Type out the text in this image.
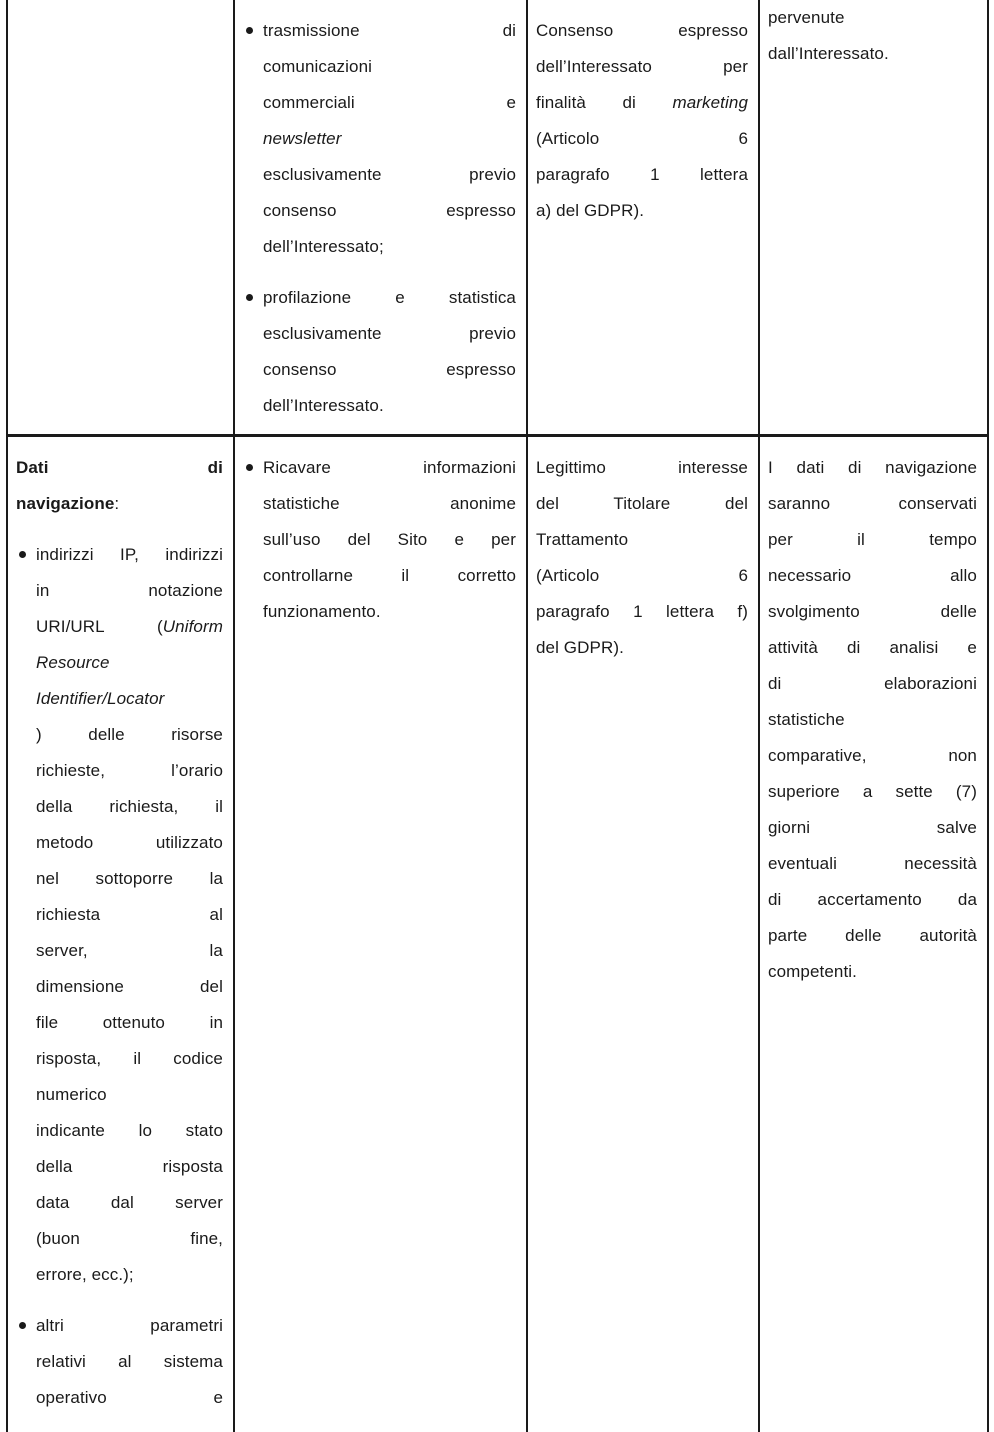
trasmissione di
comunicazioni
commerciali e
newsletter
esclusivamente previo
consenso espresso
dell’Interessato;
profilazione e statistica
esclusivamente previo
consenso espresso
dell’Interessato.
Consenso espresso
dell’Interessato per
finalità di marketing
(Articolo 6
paragrafo 1 lettera
a) del GDPR).
pervenute
dall’Interessato.
Dati di
navigazione:
indirizzi IP, indirizzi
in notazione
URI/URL (Uniform
Resource
Identifier/Locator
) delle risorse
richieste, l’orario
della richiesta, il
metodo utilizzato
nel sottoporre la
richiesta al
server, la
dimensione del
file ottenuto in
risposta, il codice
numerico
indicante lo stato
della risposta
data dal server
(buon fine,
errore, ecc.);
altri parametri
relativi al sistema
operativo e
Ricavare informazioni
statistiche anonime
sull’uso del Sito e per
controllarne il corretto
funzionamento.
Legittimo interesse
del Titolare del
Trattamento
(Articolo 6
paragrafo 1 lettera f)
del GDPR).
I dati di navigazione
saranno conservati
per il tempo
necessario allo
svolgimento delle
attività di analisi e
di elaborazioni
statistiche
comparative, non
superiore a sette (7)
giorni salve
eventuali necessità
di accertamento da
parte delle autorità
competenti.
